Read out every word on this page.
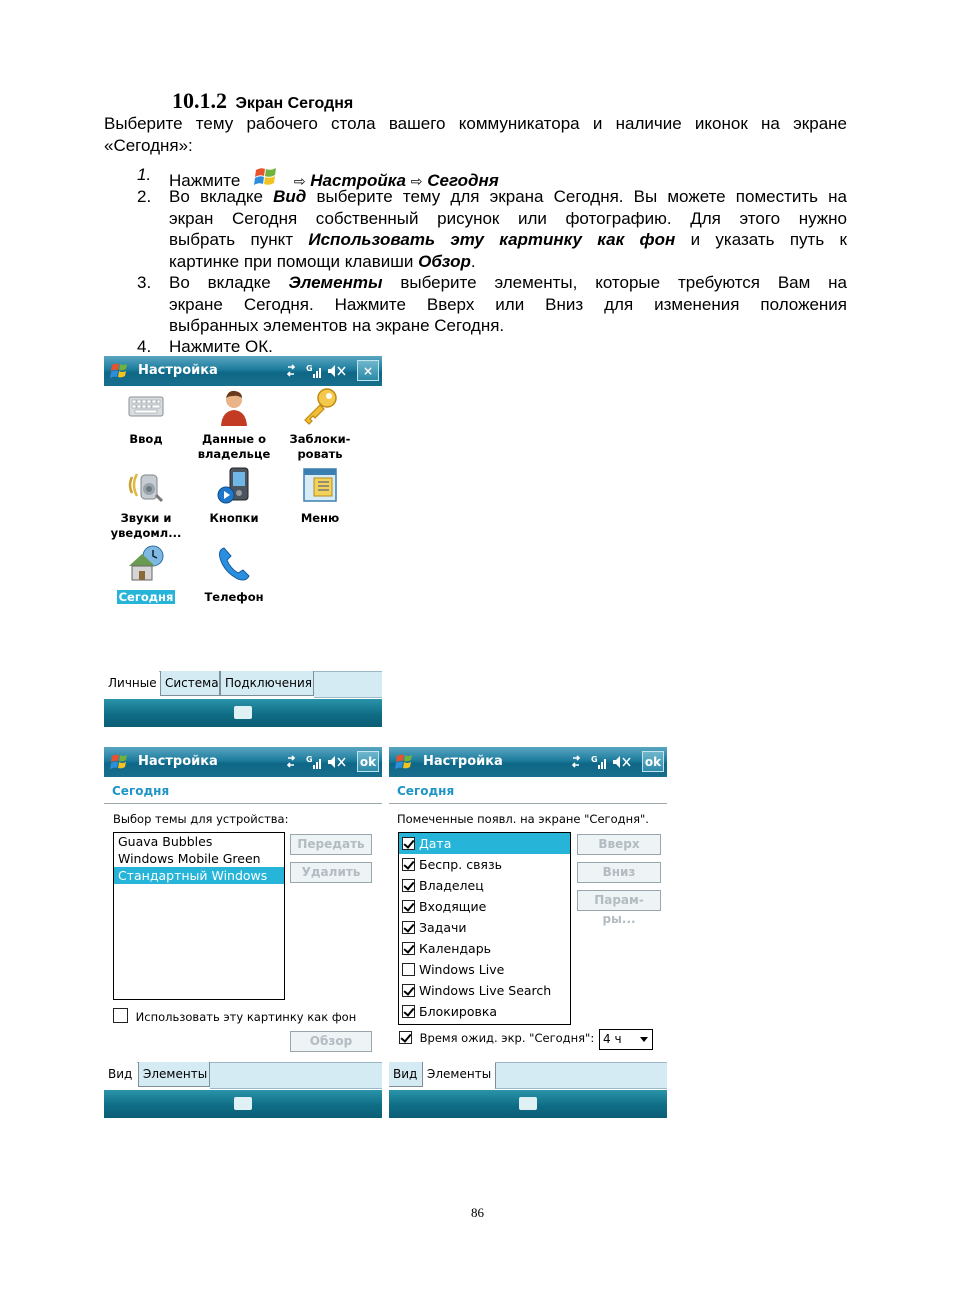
10.1.2 Экран Сегодня
Выберите тему рабочего стола вашего коммуникатора и наличие иконок на экране
«Сегодня»:
1. Нажмите	⇨ Настройка ⇨ Сегодня
2. Во вкладке Вид выберите тему для экрана Сегодня. Вы можете поместить на
экран Сегодня собственный рисунок или фотографию. Для этого нужно
выбрать пункт Использовать эту картинку как фон и указать путь к
картинке при помощи клавиши Обзор.
3. Во вкладке Элементы выберите элементы, которые требуются Вам на
экране Сегодня. Нажмите Вверх или Вниз для изменения положения
выбранных элементов на экране Сегодня.
4. Нажмите ОК.
Настройка	G	×
Ввод	Данные о владельце
Заблоки-ровать
Звуки и уведомл...
Кнопки	Меню
Сегодня	Телефон
Личные Система Подключения
Настройка	G	ok
Сегодня
Выбор темы для устройства:
Guava Bubbles
Windows Mobile Green
Стандартный Windows
Передать
Удалить
Использовать эту картинку как фон
Обзор
Вид Элементы
Настройка	G	ok
Сегодня
Помеченные появл. на экране "Сегодня".
Дата
Беспр. связь
Владелец
Входящие
Задачи
Календарь
Windows Live
Windows Live Search
Блокировка
Вверх
Вниз
Парам-ры...
Время ожид. экр. "Сегодня": 4 ч
Вид Элементы
86
